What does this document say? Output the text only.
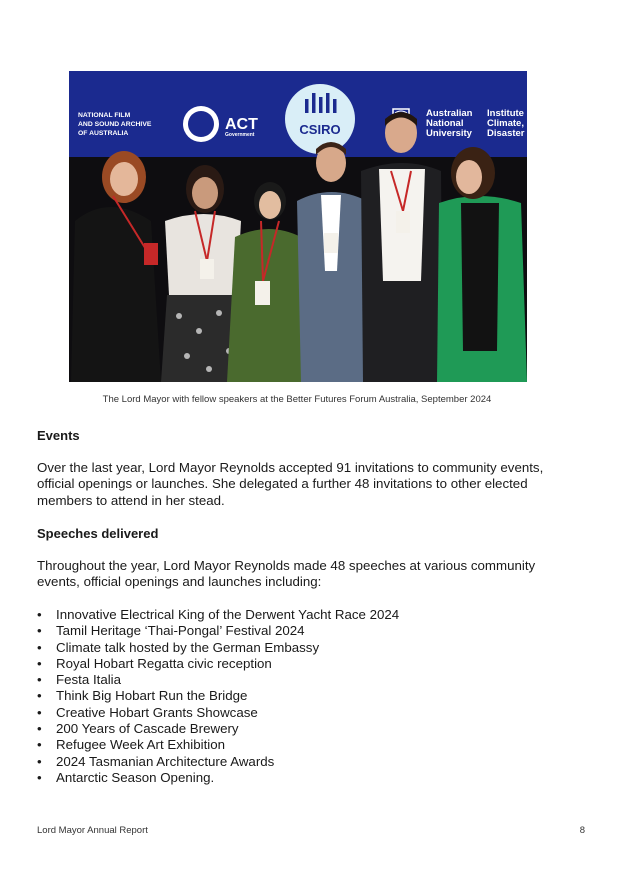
NATIONAL FILM
AND SOUND ARCHIVE
OF AUSTRALIA
ACT
Government	CSIRO
Australian
National
University
Institute
Climate,
Disaster
The Lord Mayor with fellow speakers at the Better Futures Forum Australia, September 2024
Events

Over the last year, Lord Mayor Reynolds accepted 91 invitations to community events, official openings or launches. She delegated a further 48 invitations to other elected members to attend in her stead.

Speeches delivered

Throughout the year, Lord Mayor Reynolds made 48 speeches at various community events, official openings and launches including:

• Innovative Electrical King of the Derwent Yacht Race 2024
• Tamil Heritage ‘Thai-Pongal’ Festival 2024
• Climate talk hosted by the German Embassy
• Royal Hobart Regatta civic reception
• Festa Italia
• Think Big Hobart Run the Bridge
• Creative Hobart Grants Showcase
• 200 Years of Cascade Brewery
• Refugee Week Art Exhibition
• 2024 Tasmanian Architecture Awards
• Antarctic Season Opening.
Lord Mayor Annual Report	8
